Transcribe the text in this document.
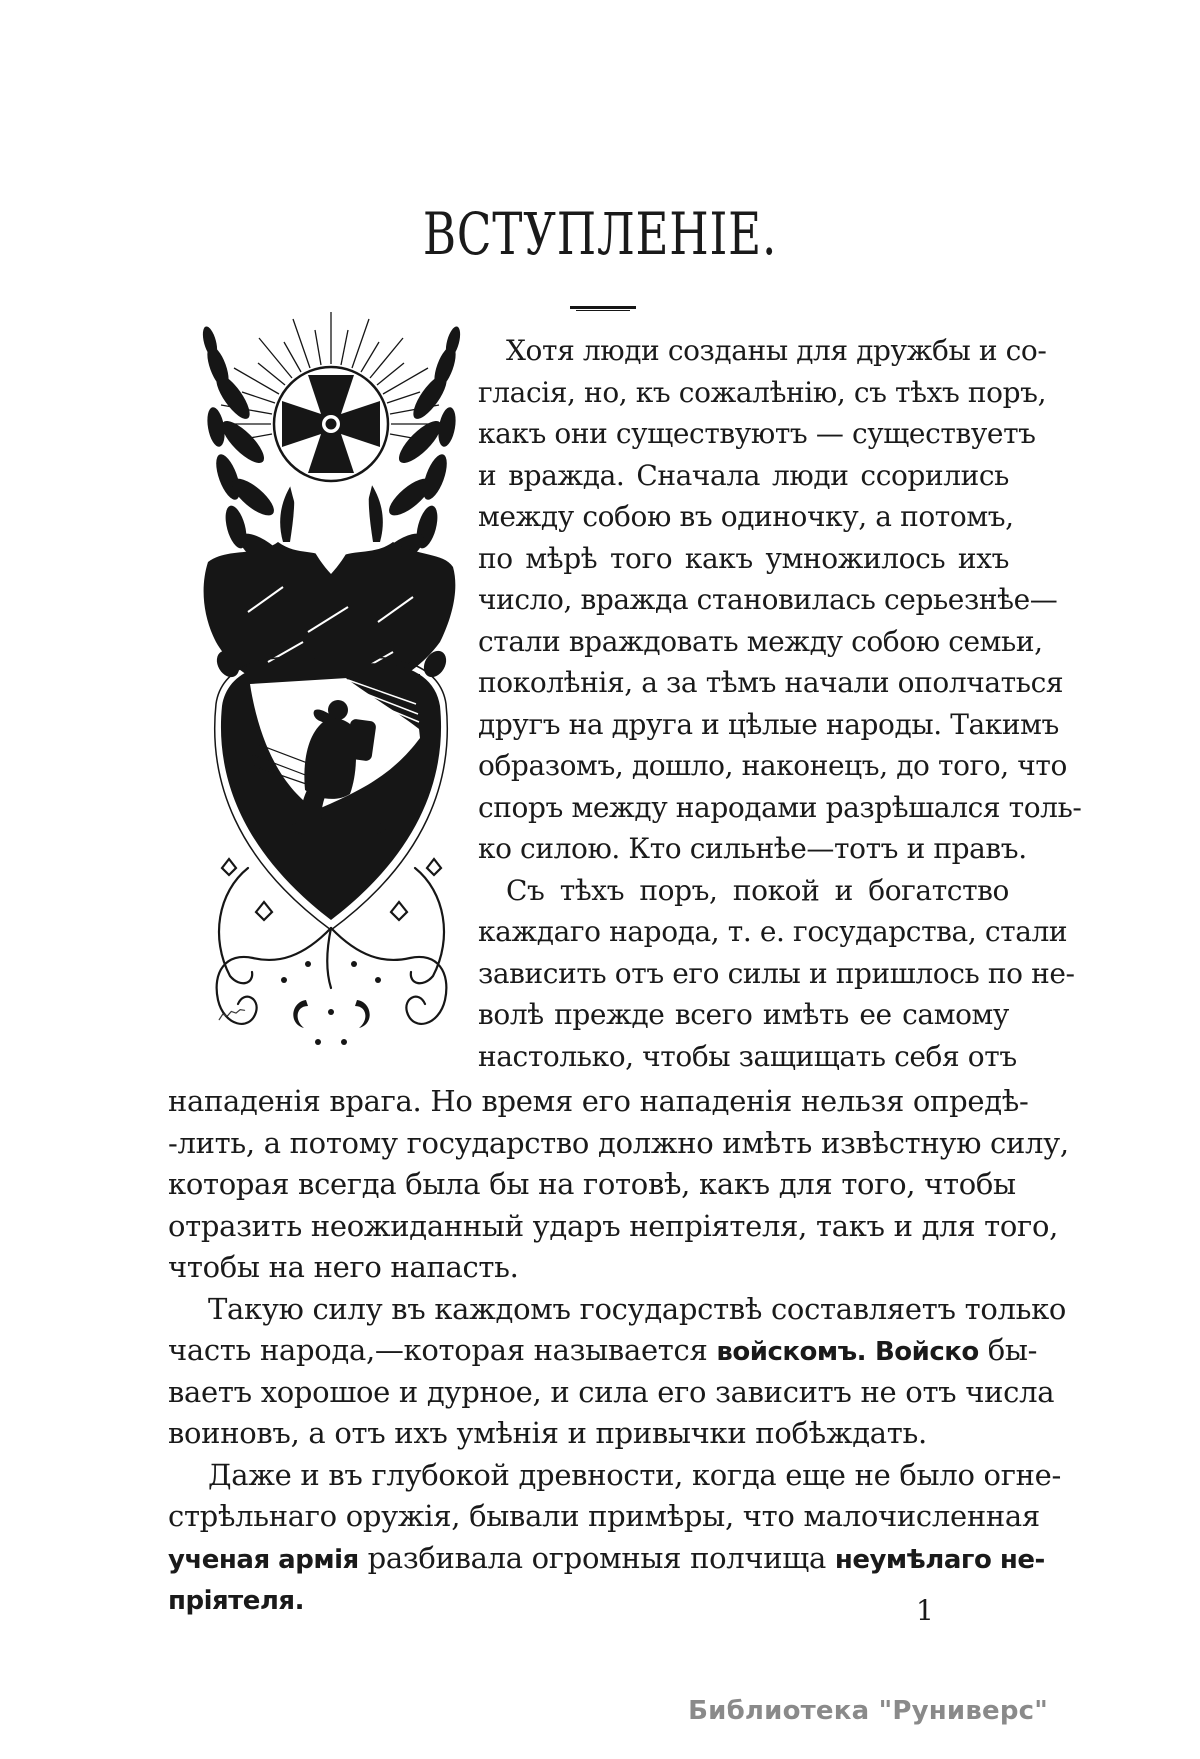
ВСТУПЛЕНІЕ.
Хотя люди созданы для дружбы и со-
гласія, но, къ сожалѣнію, съ тѣхъ поръ,
какъ они существуютъ — существуетъ
и вражда. Сначала люди ссорились
между собою въ одиночку, а потомъ,
по мѣрѣ того какъ умножилось ихъ
число, вражда становилась серьезнѣе—
стали враждовать между собою семьи,
поколѣнія, а за тѣмъ начали ополчаться
другъ на друга и цѣлые народы. Такимъ
образомъ, дошло, наконецъ, до того, что
споръ между народами разрѣшался толь-
ко силою. Кто сильнѣе—тотъ и правъ.
Съ тѣхъ поръ, покой и богатство
каждаго народа, т. е. государства, стали
зависить отъ его силы и пришлось по не-
волѣ прежде всего имѣть ее самому
настолько, чтобы защищать себя отъ
нападенія врага. Но время его нападенія нельзя опредѣ-
-лить, а потому государство должно имѣть извѣстную силу,
которая всегда была бы на готовѣ, какъ для того, чтобы
отразить неожиданный ударъ непріятеля, такъ и для того,
чтобы на него напасть.
Такую силу въ каждомъ государствѣ составляетъ только
часть народа,—которая называется войскомъ. Войско бы-
ваетъ хорошое и дурное, и сила его зависитъ не отъ числа
воиновъ, а отъ ихъ умѣнія и привычки побѣждать.
Даже и въ глубокой древности, когда еще не было огне-
стрѣльнаго оружія, бывали примѣры, что малочисленная
ученая армія разбивала огромныя полчища неумѣлаго не-
пріятеля.	1
Библиотека "Руниверс"
